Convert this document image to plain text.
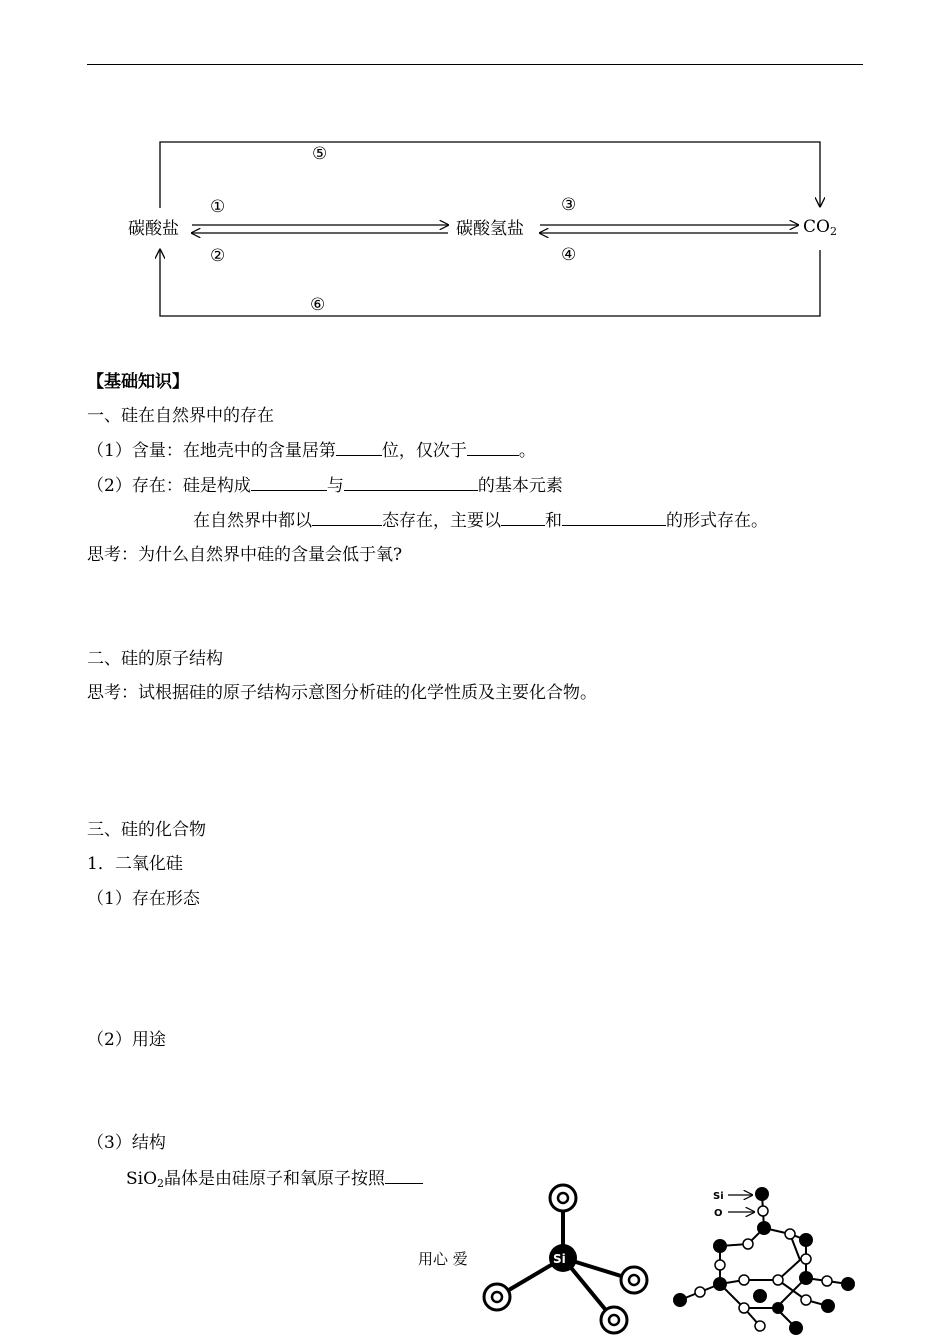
碳酸盐	碳酸氢盐	CO2
⑤
①
②
③
④
⑥
【基础知识】
一、硅在自然界中的存在
（1）含量：在地壳中的含量居第	位，仅次于	。
（2）存在：硅是构成	与	的基本元素
在自然界中都以	态存在，主要以	和	的形式存在。
思考：为什么自然界中硅的含量会低于氧?
二、硅的原子结构
思考：试根据硅的原子结构示意图分析硅的化学性质及主要化合物。
三、硅的化合物
1．二氧化硅
（1）存在形态
（2）用途
（3）结构
SiO$_2$晶体是由硅原子和氧原子按照
Si
Si
O
用心 爱
